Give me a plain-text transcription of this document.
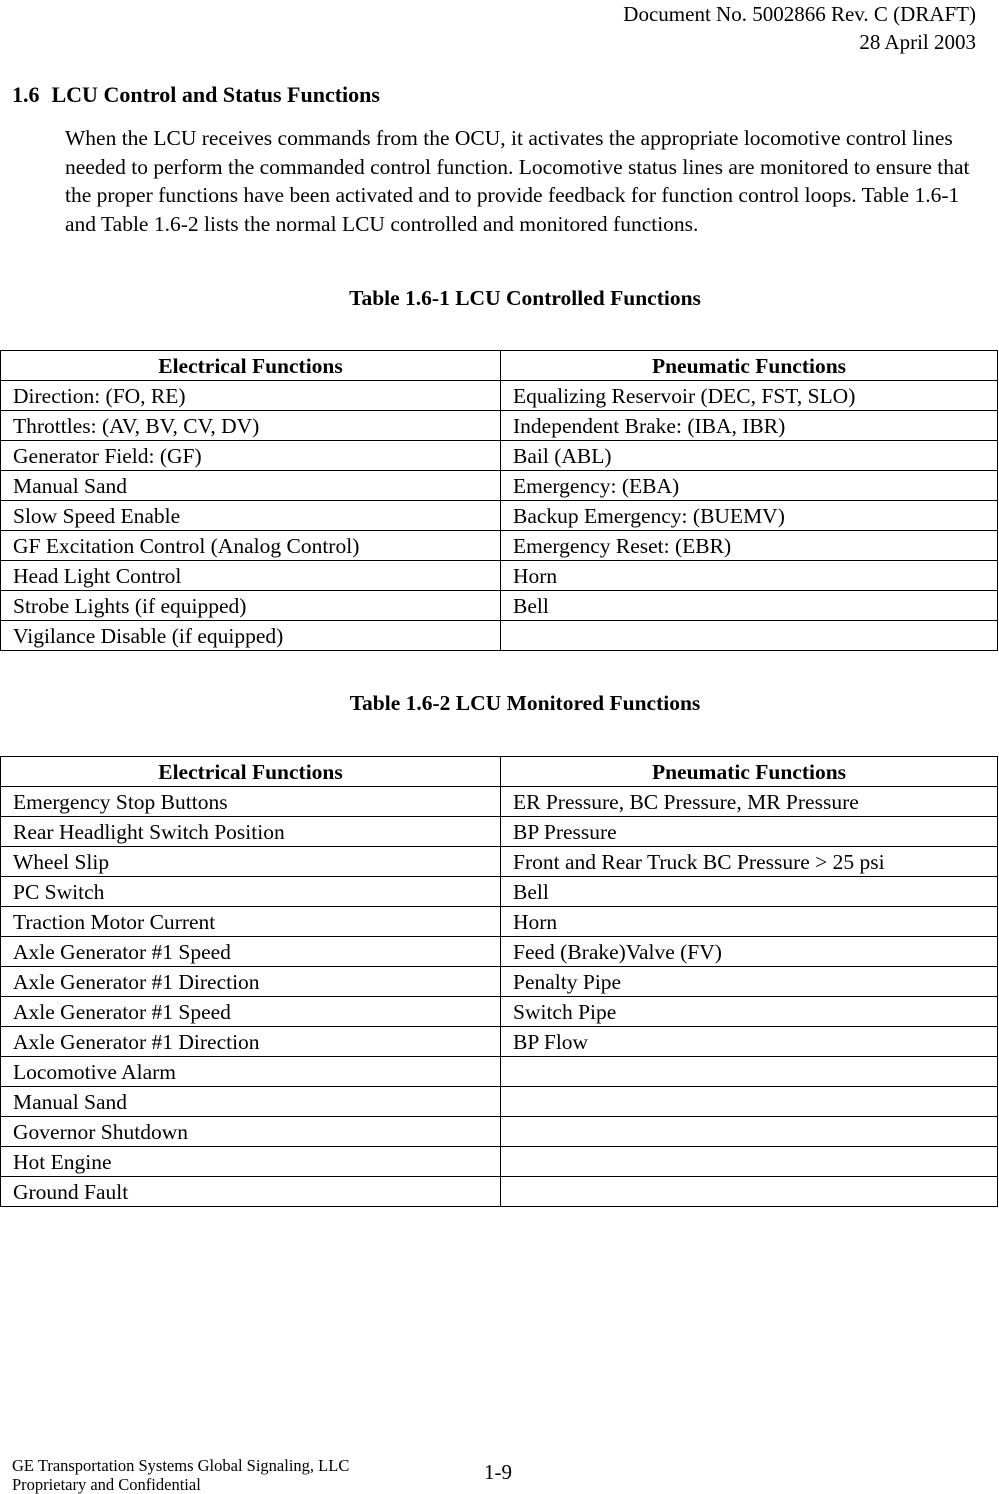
Document No. 5002866 Rev. C (DRAFT)
28 April 2003
1.6 LCU Control and Status Functions
When the LCU receives commands from the OCU, it activates the appropriate locomotive control lines needed to perform the commanded control function. Locomotive status lines are monitored to ensure that the proper functions have been activated and to provide feedback for function control loops. Table 1.6-1 and Table 1.6-2 lists the normal LCU controlled and monitored functions.
Table 1.6-1 LCU Controlled Functions
Electrical Functions	Pneumatic Functions
Direction: (FO, RE)	Equalizing Reservoir (DEC, FST, SLO)
Throttles: (AV, BV, CV, DV)	Independent Brake: (IBA, IBR)
Generator Field: (GF)	Bail (ABL)
Manual Sand	Emergency: (EBA)
Slow Speed Enable	Backup Emergency: (BUEMV)
GF Excitation Control (Analog Control)	Emergency Reset: (EBR)
Head Light Control	Horn
Strobe Lights (if equipped)	Bell
Vigilance Disable (if equipped)	
Table 1.6-2 LCU Monitored Functions
Electrical Functions	Pneumatic Functions
Emergency Stop Buttons	ER Pressure, BC Pressure, MR Pressure
Rear Headlight Switch Position	BP Pressure
Wheel Slip	Front and Rear Truck BC Pressure > 25 psi
PC Switch	Bell
Traction Motor Current	Horn
Axle Generator #1 Speed	Feed (Brake)Valve (FV)
Axle Generator #1 Direction	Penalty Pipe
Axle Generator #1 Speed	Switch Pipe
Axle Generator #1 Direction	BP Flow
Locomotive Alarm	
Manual Sand	
Governor Shutdown	
Hot Engine	
Ground Fault	
GE Transportation Systems Global Signaling, LLC
Proprietary and Confidential
1-9
